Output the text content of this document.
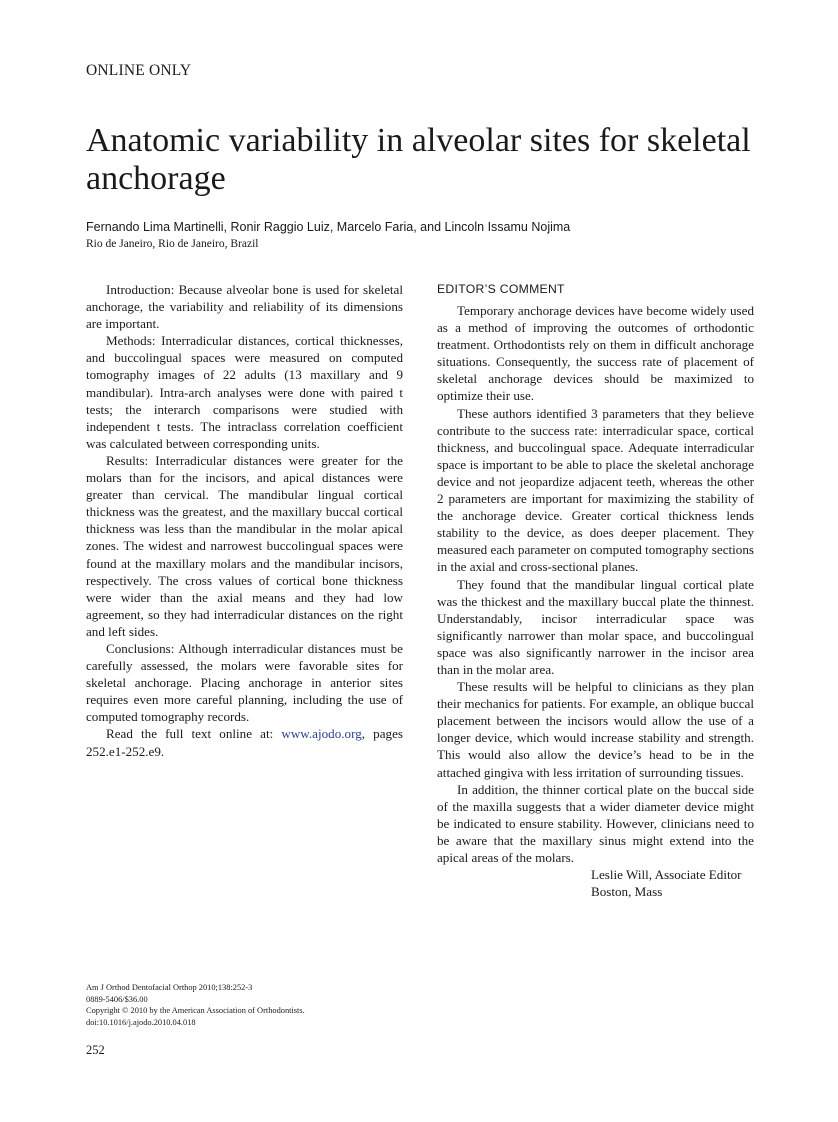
ONLINE ONLY
Anatomic variability in alveolar sites for skeletal anchorage
Fernando Lima Martinelli, Ronir Raggio Luiz, Marcelo Faria, and Lincoln Issamu Nojima
Rio de Janeiro, Rio de Janeiro, Brazil

Introduction: Because alveolar bone is used for skeletal anchorage, the variability and reliability of its dimensions are important.

Methods: Interradicular distances, cortical thicknesses, and buccolingual spaces were measured on computed tomography images of 22 adults (13 maxillary and 9 mandibular). Intra-arch analyses were done with paired t tests; the interarch comparisons were studied with independent t tests. The intraclass correlation coefficient was calculated between corresponding units.

Results: Interradicular distances were greater for the molars than for the incisors, and apical distances were greater than cervical. The mandibular lingual cortical thickness was the greatest, and the maxillary buccal cortical thickness was less than the mandibular in the molar apical zones. The widest and narrowest buccolingual spaces were found at the maxillary molars and the mandibular incisors, respectively. The cross values of cortical bone thickness were wider than the axial means and they had low agreement, so they had interradicular distances on the right and left sides.

Conclusions: Although interradicular distances must be carefully assessed, the molars were favorable sites for skeletal anchorage. Placing anchorage in anterior sites requires even more careful planning, including the use of computed tomography records.

Read the full text online at: www.ajodo.org, pages 252.e1-252.e9.

EDITOR’S COMMENT

Temporary anchorage devices have become widely used as a method of improving the outcomes of orthodontic treatment. Orthodontists rely on them in difficult anchorage situations. Consequently, the success rate of placement of skeletal anchorage devices should be maximized to optimize their use.

These authors identified 3 parameters that they believe contribute to the success rate: interradicular space, cortical thickness, and buccolingual space. Adequate interradicular space is important to be able to place the skeletal anchorage device and not jeopardize adjacent teeth, whereas the other 2 parameters are important for maximizing the stability of the anchorage device. Greater cortical thickness lends stability to the device, as does deeper placement. They measured each parameter on computed tomography sections in the axial and cross-sectional planes.

They found that the mandibular lingual cortical plate was the thickest and the maxillary buccal plate the thinnest. Understandably, incisor interradicular space was significantly narrower than molar space, and buccolingual space was also significantly narrower in the incisor area than in the molar area.

These results will be helpful to clinicians as they plan their mechanics for patients. For example, an oblique buccal placement between the incisors would allow the use of a longer device, which would increase stability and strength. This would also allow the device’s head to be in the attached gingiva with less irritation of surrounding tissues.

In addition, the thinner cortical plate on the buccal side of the maxilla suggests that a wider diameter device might be indicated to ensure stability. However, clinicians need to be aware that the maxillary sinus might extend into the apical areas of the molars.

Leslie Will, Associate Editor
Boston, Mass
Am J Orthod Dentofacial Orthop 2010;138:252-3
0889-5406/$36.00
Copyright © 2010 by the American Association of Orthodontists.
doi:10.1016/j.ajodo.2010.04.018
252
